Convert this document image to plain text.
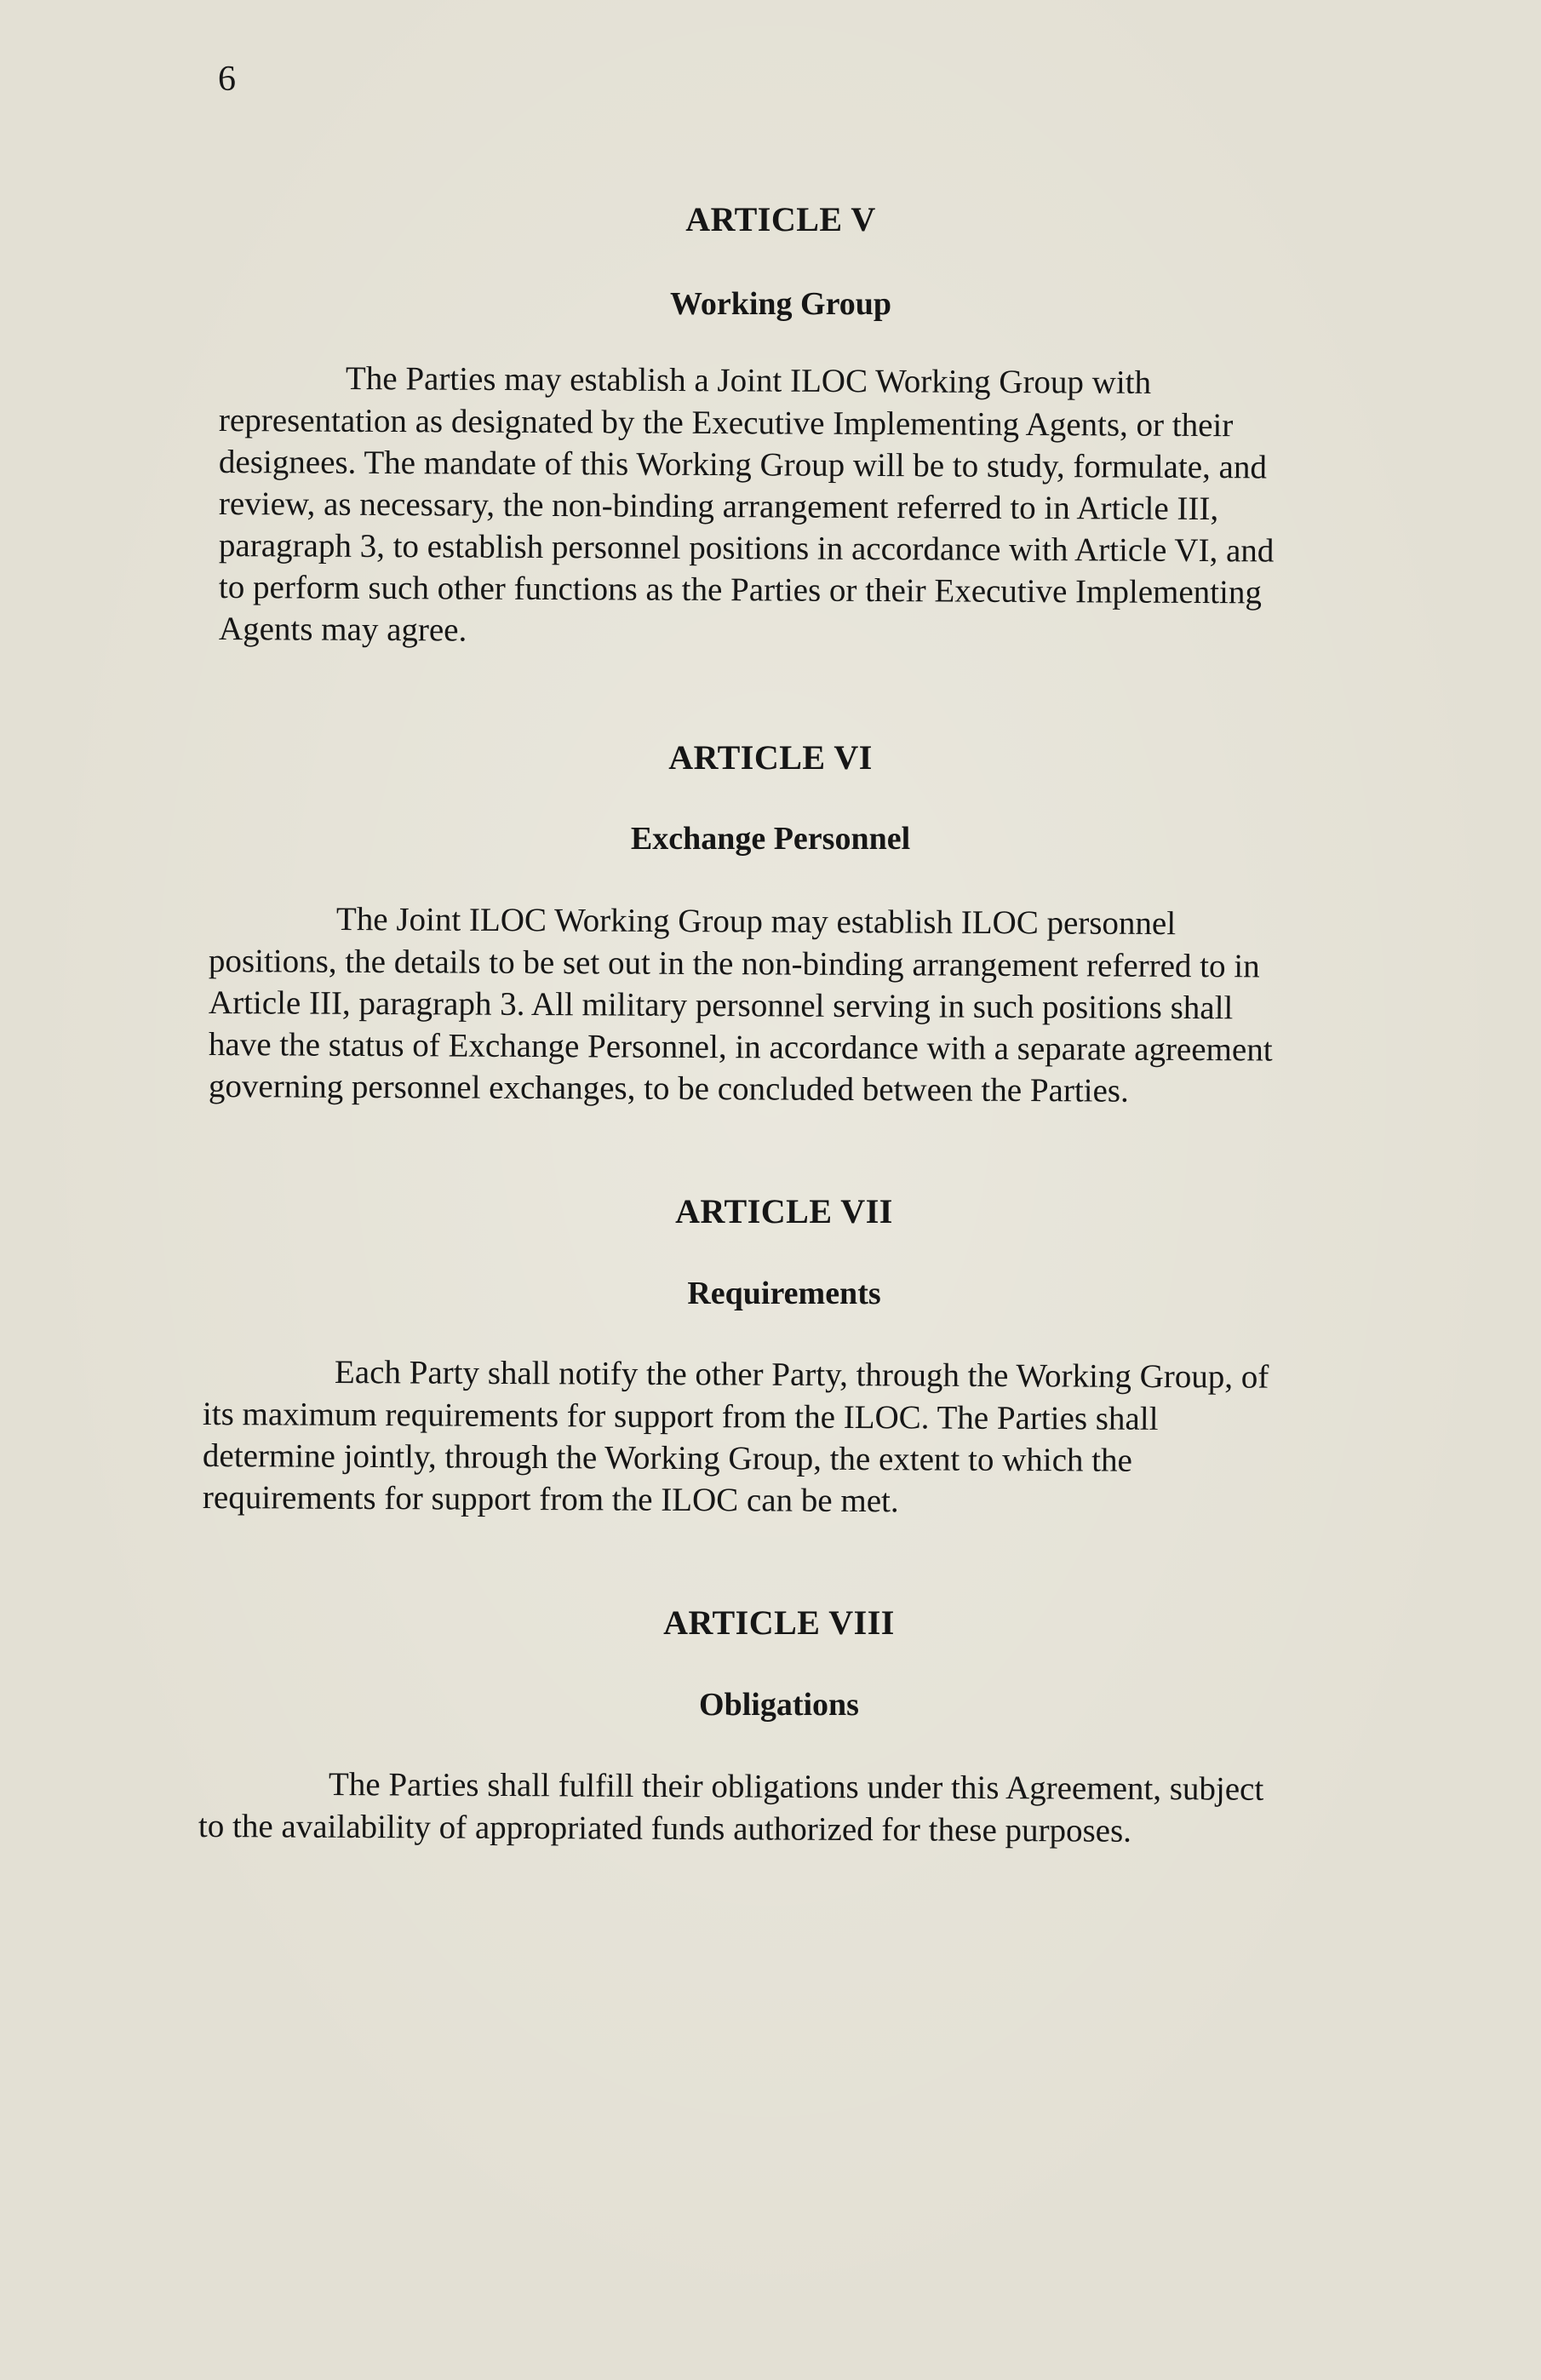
6
ARTICLE V
Working Group
The Parties may establish a Joint ILOC Working Group with
representation as designated by the Executive Implementing Agents, or their
designees. The mandate of this Working Group will be to study, formulate, and
review, as necessary, the non-binding arrangement referred to in Article III,
paragraph 3, to establish personnel positions in accordance with Article VI, and
to perform such other functions as the Parties or their Executive Implementing
Agents may agree.
ARTICLE VI
Exchange Personnel
The Joint ILOC Working Group may establish ILOC personnel
positions, the details to be set out in the non-binding arrangement referred to in
Article III, paragraph 3. All military personnel serving in such positions shall
have the status of Exchange Personnel, in accordance with a separate agreement
governing personnel exchanges, to be concluded between the Parties.
ARTICLE VII
Requirements
Each Party shall notify the other Party, through the Working Group, of
its maximum requirements for support from the ILOC. The Parties shall
determine jointly, through the Working Group, the extent to which the
requirements for support from the ILOC can be met.
ARTICLE VIII
Obligations
The Parties shall fulfill their obligations under this Agreement, subject
to the availability of appropriated funds authorized for these purposes.
